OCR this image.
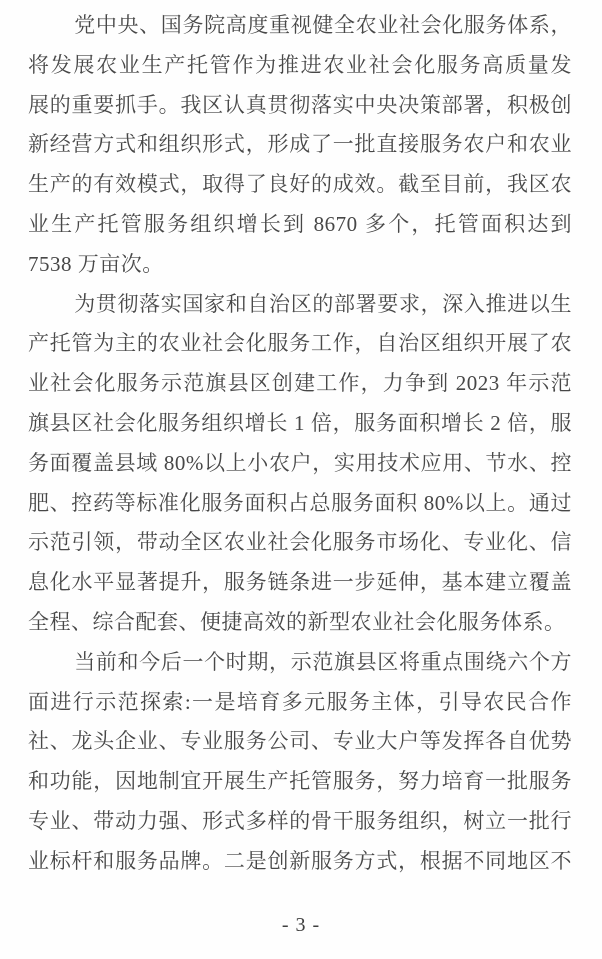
党中央、国务院高度重视健全农业社会化服务体系，
将发展农业生产托管作为推进农业社会化服务高质量发
展的重要抓手。我区认真贯彻落实中央决策部署，积极创
新经营方式和组织形式，形成了一批直接服务农户和农业
生产的有效模式，取得了良好的成效。截至目前，我区农
业生产托管服务组织增长到 8670 多个，托管面积达到
7538 万亩次。
为贯彻落实国家和自治区的部署要求，深入推进以生
产托管为主的农业社会化服务工作，自治区组织开展了农
业社会化服务示范旗县区创建工作，力争到 2023 年示范
旗县区社会化服务组织增长 1 倍，服务面积增长 2 倍，服
务面覆盖县域 80%以上小农户，实用技术应用、节水、控
肥、控药等标准化服务面积占总服务面积 80%以上。通过
示范引领，带动全区农业社会化服务市场化、专业化、信
息化水平显著提升，服务链条进一步延伸，基本建立覆盖
全程、综合配套、便捷高效的新型农业社会化服务体系。
当前和今后一个时期，示范旗县区将重点围绕六个方
面进行示范探索:一是培育多元服务主体，引导农民合作
社、龙头企业、专业服务公司、专业大户等发挥各自优势
和功能，因地制宜开展生产托管服务，努力培育一批服务
专业、带动力强、形式多样的骨干服务组织，树立一批行
业标杆和服务品牌。二是创新服务方式，根据不同地区不
- 3 -
